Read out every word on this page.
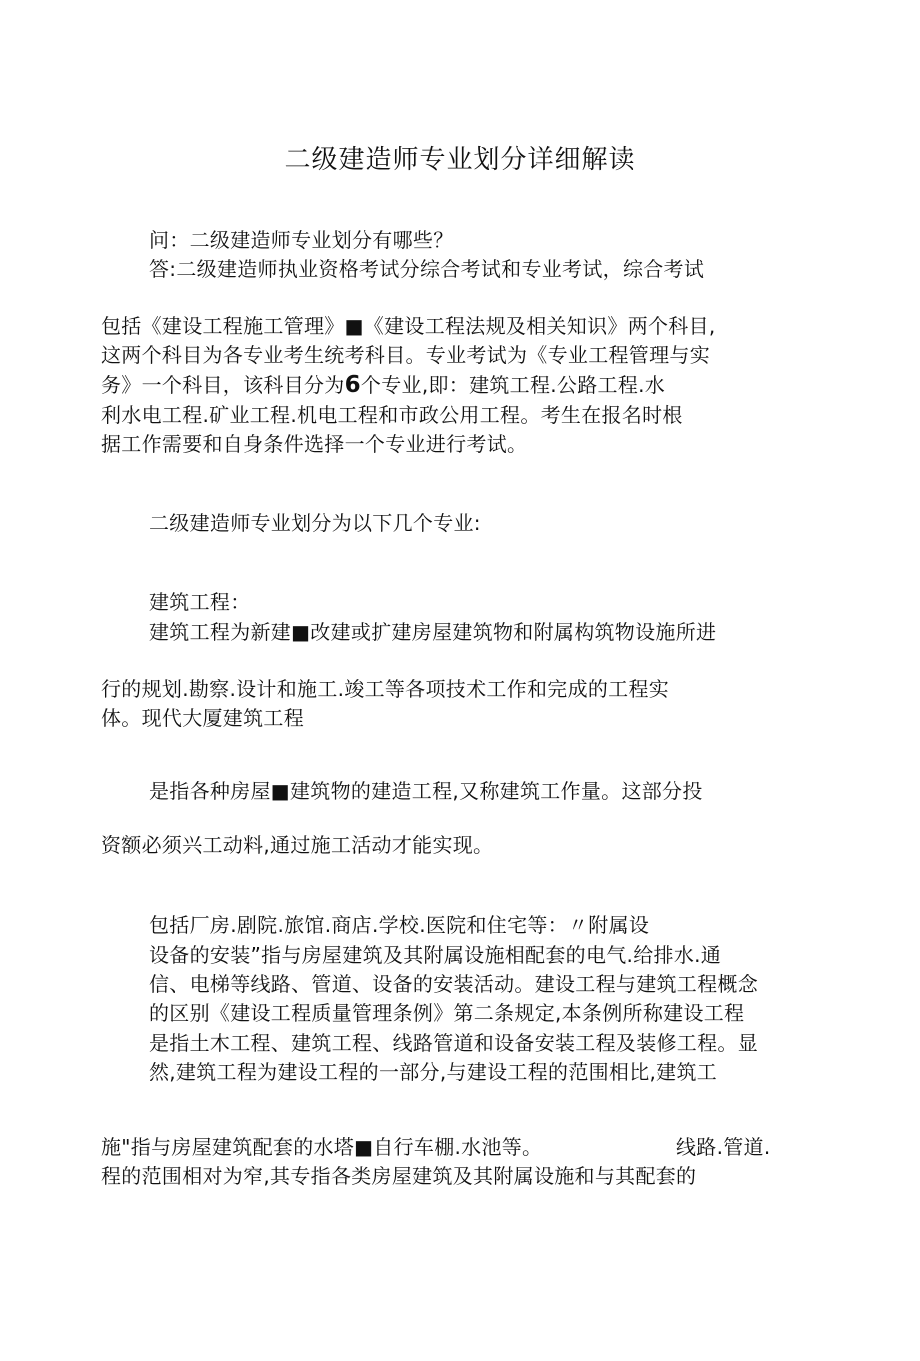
二级建造师专业划分详细解读

问：二级建造师专业划分有哪些？

答:二级建造师执业资格考试分综合考试和专业考试，综合考试

包括《建设工程施工管理》■《建设工程法规及相关知识》两个科目,

这两个科目为各专业考生统考科目。专业考试为《专业工程管理与实

务》一个科目，该科目分为6个专业,即：建筑工程.公路工程.水

利水电工程.矿业工程.机电工程和市政公用工程。考生在报名时根

据工作需要和自身条件选择一个专业进行考试。

二级建造师专业划分为以下几个专业:

建筑工程：

建筑工程为新建■改建或扩建房屋建筑物和附属构筑物设施所进

行的规划.勘察.设计和施工.竣工等各项技术工作和完成的工程实

体。现代大厦建筑工程

是指各种房屋■建筑物的建造工程,又称建筑工作量。这部分投

资额必须兴工动料,通过施工活动才能实现。

包括厂房.剧院.旅馆.商店.学校.医院和住宅等：〃附属设

设备的安装”指与房屋建筑及其附属设施相配套的电气.给排水.通

信、电梯等线路、管道、设备的安装活动。建设工程与建筑工程概念

的区别《建设工程质量管理条例》第二条规定,本条例所称建设工程

是指土木工程、建筑工程、线路管道和设备安装工程及装修工程。显

然,建筑工程为建设工程的一部分,与建设工程的范围相比,建筑工

施"指与房屋建筑配套的水塔■自行车棚.水池等。	线路.管道.

程的范围相对为窄,其专指各类房屋建筑及其附属设施和与其配套的
